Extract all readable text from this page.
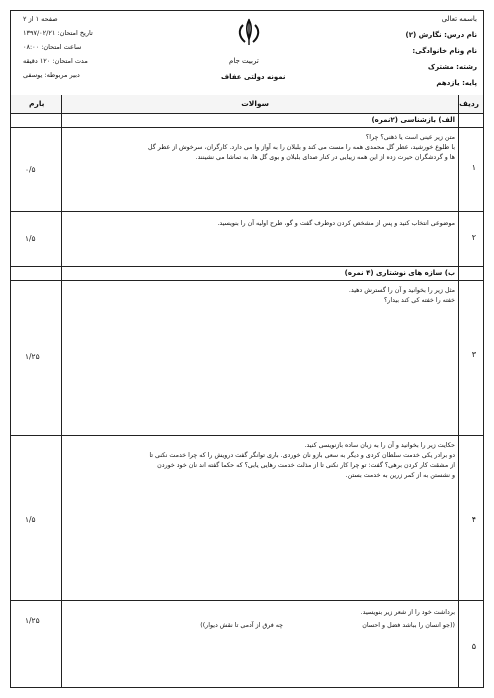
باسمه تعالی
نام درس: نگارش (۲)
نام ونام خانوادگی:
رشته: مشترک
پایه: یازدهم
تربیت جام
نمونه دولتی عفاف
صفحه ۱ از ۲
تاریخ امتحان: ۱۳۹۷/۰۲/۲۱
ساعت امتحان: ۰۸:۰۰
مدت امتحان: ۱۲۰ دقیقه
دبیر مربوطه: یوسفی
ردیف
سوالات
بارم
الف) بازشناسی (۲نمره)
۱
متن زیر عینی است یا ذهنی؟ چرا؟
با طلوع خورشید، عطر گل محمدی همه را مست می کند و بلبلان را به آواز وا می دارد. کارگران، سرخوش از عطر گل
ها و گردشگران حیرت زده از این همه زیبایی در کنار صدای بلبلان و بوی گل ها، به تماشا می نشینند.
۰/۵
۲
موضوعی انتخاب کنید و پس از مشخص کردن دوطرف گفت و گو، طرح اولیه آن را بنویسید.
۱/۵
ب) سازه های نوشتاری (۴ نمره)
۳
مثل زیر را بخوانید و آن را گسترش دهید.
خفته را خفته کی کند بیدار؟
۱/۲۵
۴
حکایت زیر را بخوانید و آن را به زبان ساده بازنویسی کنید.
دو برادر یکی خدمت سلطان کردی و دیگر به سعی بازو نان خوردی. باری توانگر گفت درویش را که چرا خدمت نکنی تا
از مشقت کار کردن برهی؟ گفت: تو چرا کار نکنی تا از مذلت خدمت رهایی یابی؟ که حکما گفته اند نان خود خوردن
و نشستن به از کمر زرین به خدمت بستن.
۱/۵
۵
برداشت خود را از شعر زیر بنویسید.
((جو انسان را بباشد فضل و احسان
چه فرق از آدمی تا نقش دیوار))
۱/۲۵
